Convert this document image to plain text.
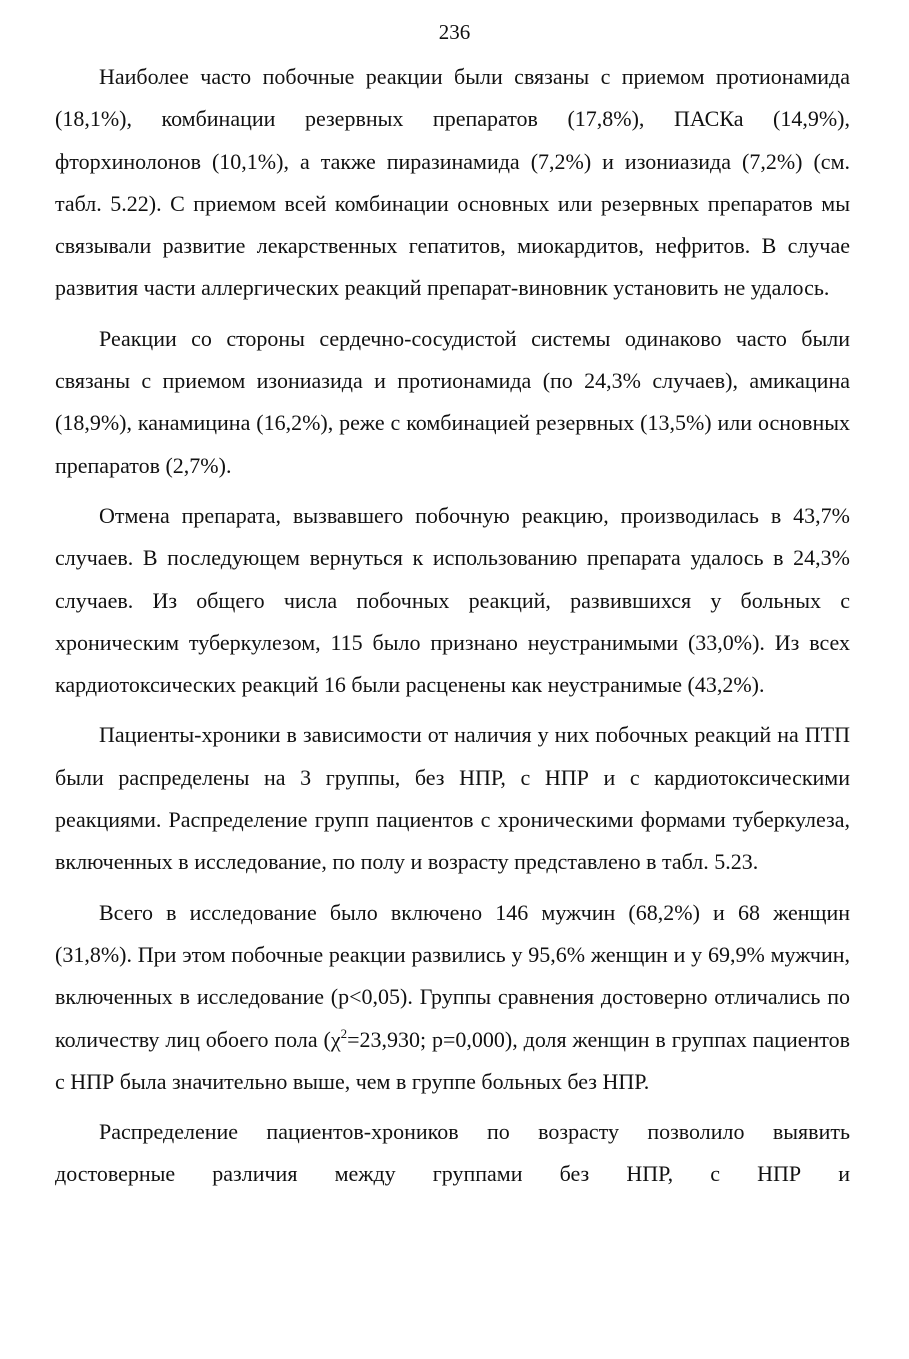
236

Наиболее часто побочные реакции были связаны с приемом протионамида (18,1%), комбинации резервных препаратов (17,8%), ПАСКа (14,9%), фторхинолонов (10,1%), а также пиразинамида (7,2%) и изониазида (7,2%) (см. табл. 5.22). С приемом всей комбинации основных или резервных препаратов мы связывали развитие лекарственных гепатитов, миокардитов, нефритов. В случае развития части аллергических реакций препарат-виновник установить не удалось.

Реакции со стороны сердечно-сосудистой системы одинаково часто были связаны с приемом изониазида и протионамида (по 24,3% случаев), амикацина (18,9%), канамицина (16,2%), реже с комбинацией резервных (13,5%) или основных препаратов (2,7%).

Отмена препарата, вызвавшего побочную реакцию, производилась в 43,7% случаев. В последующем вернуться к использованию препарата удалось в 24,3% случаев. Из общего числа побочных реакций, развившихся у больных с хроническим туберкулезом, 115 было признано неустранимыми (33,0%). Из всех кардиотоксических реакций 16 были расценены как неустранимые (43,2%).

Пациенты-хроники в зависимости от наличия у них побочных реакций на ПТП были распределены на 3 группы, без НПР, с НПР и с кардиотоксическими реакциями. Распределение групп пациентов с хроническими формами туберкулеза, включенных в исследование, по полу и возрасту представлено в табл. 5.23.

Всего в исследование было включено 146 мужчин (68,2%) и 68 женщин (31,8%). При этом побочные реакции развились у 95,6% женщин и у 69,9% мужчин, включенных в исследование (p<0,05). Группы сравнения достоверно отличались по количеству лиц обоего пола ($\chi^2=23,930$; p=0,000), доля женщин в группах пациентов с НПР была значительно выше, чем в группе больных без НПР.

Распределение пациентов-хроников по возрасту позволило выявить достоверные различия между группами без НПР, с НПР и
